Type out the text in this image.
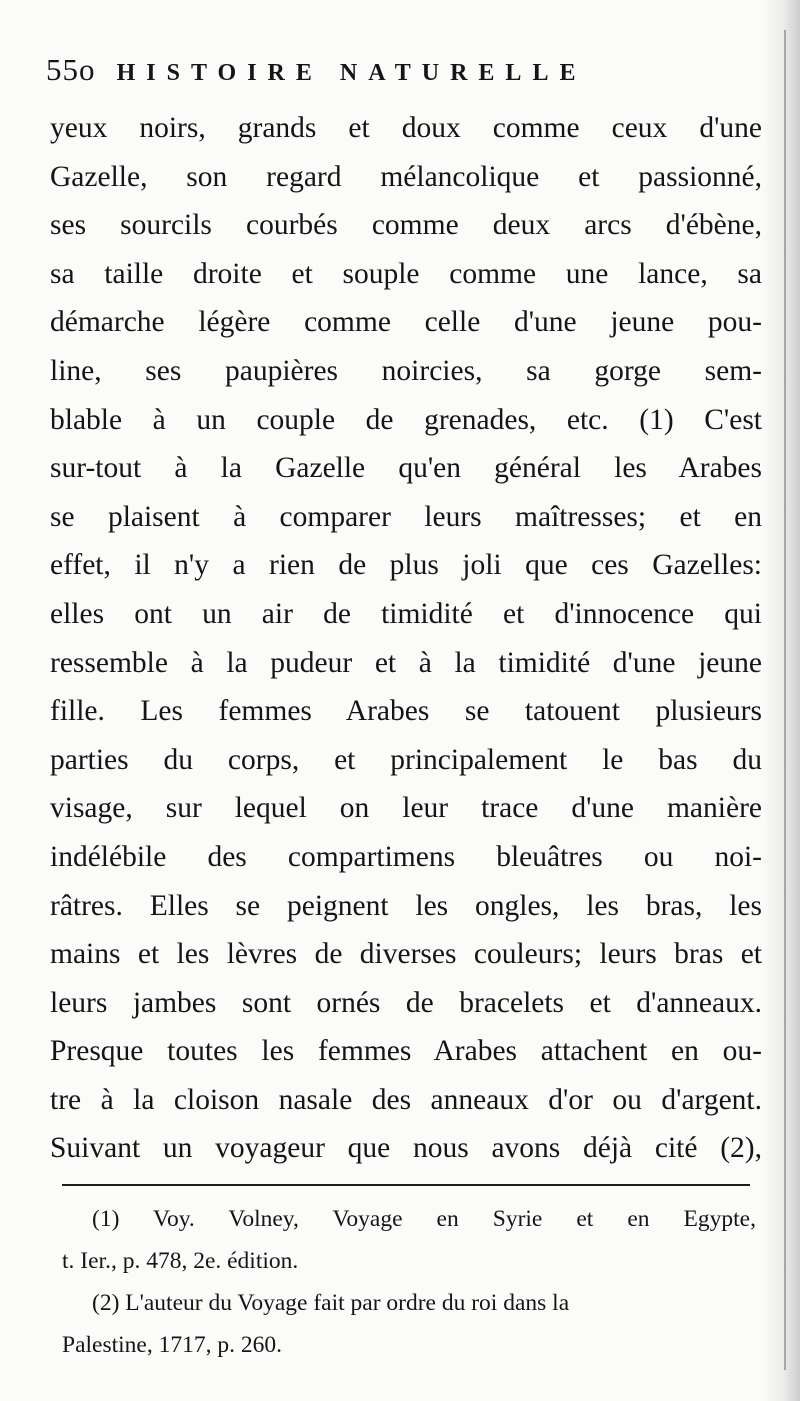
55o HISTOIRE NATURELLE
yeux noirs, grands et doux comme ceux d'une
Gazelle, son regard mélancolique et passionné,
ses sourcils courbés comme deux arcs d'ébène,
sa taille droite et souple comme une lance, sa
démarche légère comme celle d'une jeune pou-
line, ses paupières noircies, sa gorge sem-
blable à un couple de grenades, etc. (1) C'est
sur-tout à la Gazelle qu'en général les Arabes
se plaisent à comparer leurs maîtresses; et en
effet, il n'y a rien de plus joli que ces Gazelles:
elles ont un air de timidité et d'innocence qui
ressemble à la pudeur et à la timidité d'une jeune
fille. Les femmes Arabes se tatouent plusieurs
parties du corps, et principalement le bas du
visage, sur lequel on leur trace d'une manière
indélébile des compartimens bleuâtres ou noi-
râtres. Elles se peignent les ongles, les bras, les
mains et les lèvres de diverses couleurs; leurs bras et
leurs jambes sont ornés de bracelets et d'anneaux.
Presque toutes les femmes Arabes attachent en ou-
tre à la cloison nasale des anneaux d'or ou d'argent.
Suivant un voyageur que nous avons déjà cité (2),
(1) Voy. Volney, Voyage en Syrie et en Egypte,
t. Ier., p. 478, 2e. édition.
(2) L'auteur du Voyage fait par ordre du roi dans la
Palestine, 1717, p. 260.
